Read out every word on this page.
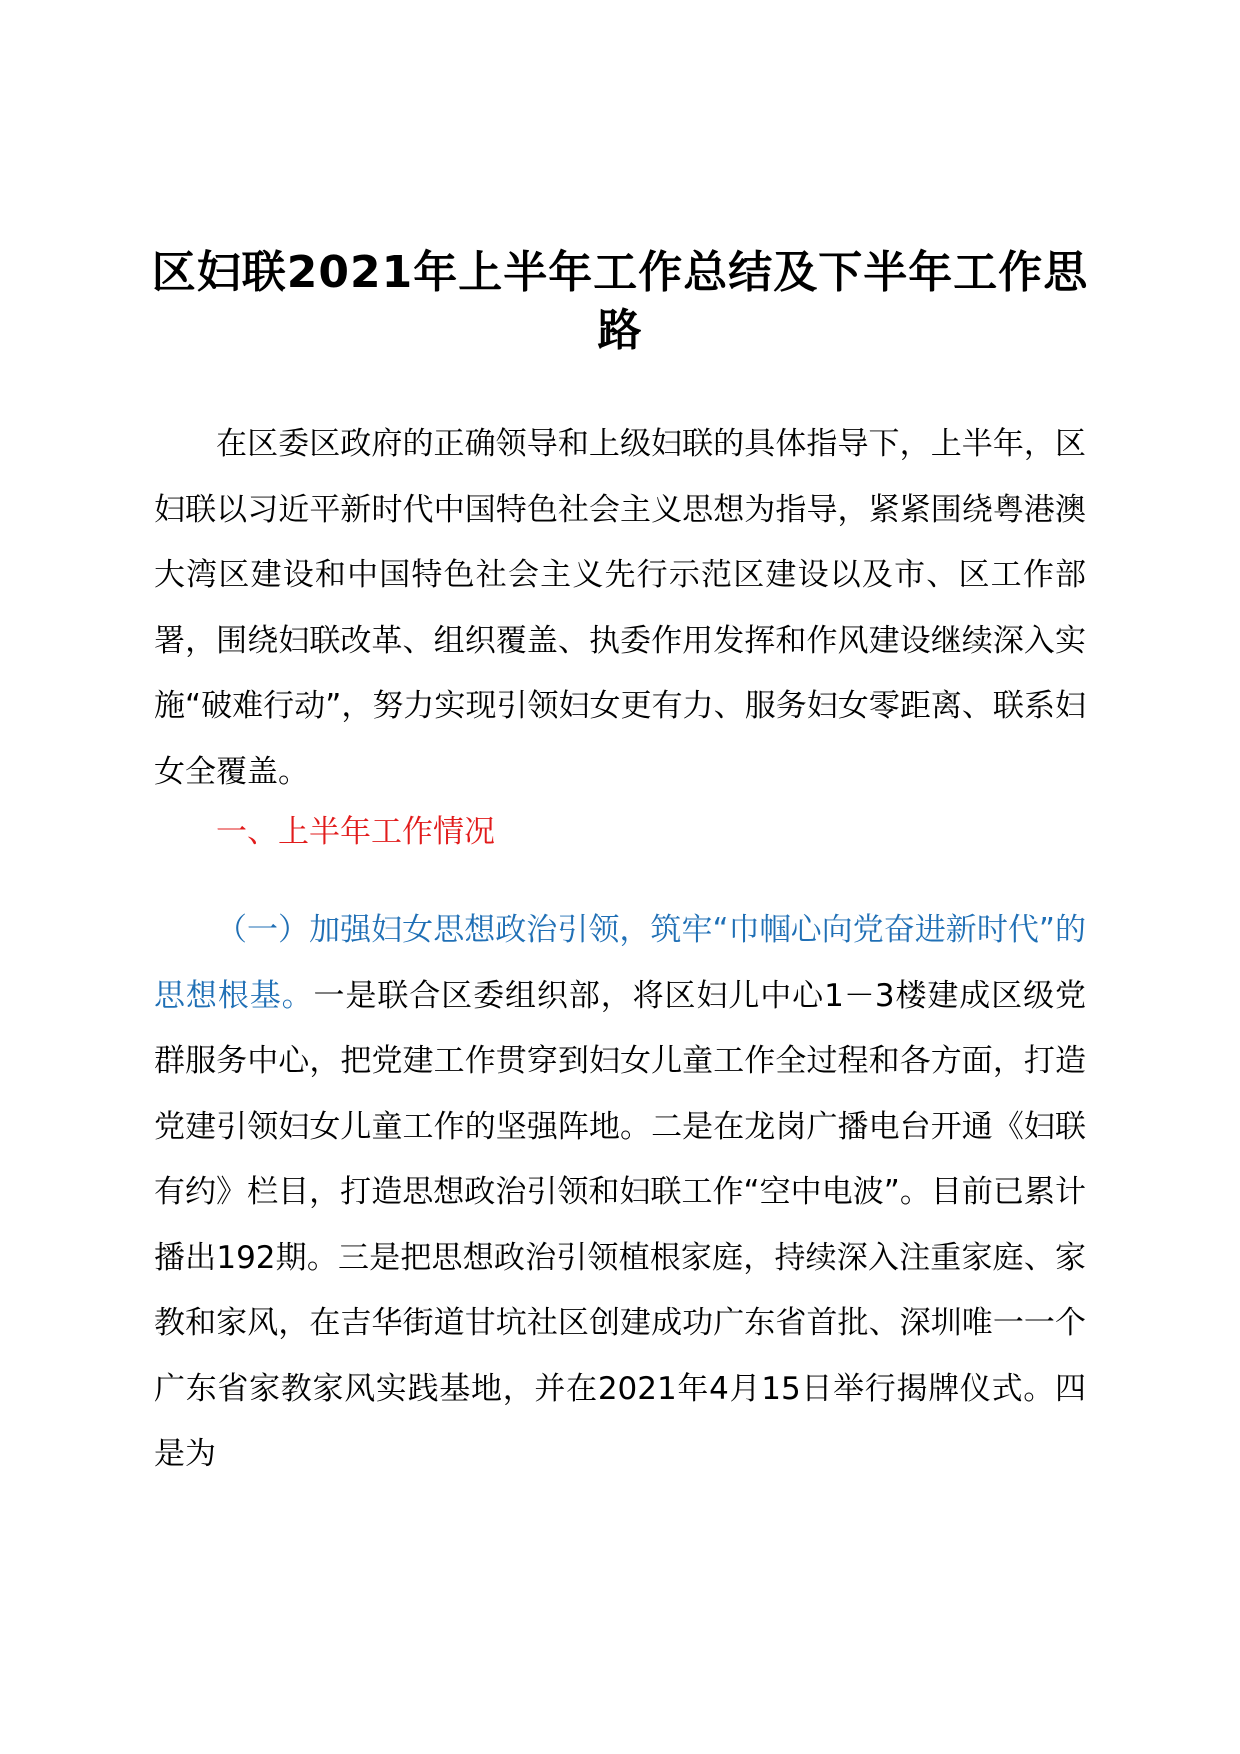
区妇联2021年上半年工作总结及下半年工作思路

在区委区政府的正确领导和上级妇联的具体指导下，上半年，区妇联以习近平新时代中国特色社会主义思想为指导，紧紧围绕粤港澳大湾区建设和中国特色社会主义先行示范区建设以及市、区工作部署，围绕妇联改革、组织覆盖、执委作用发挥和作风建设继续深入实施“破难行动”，努力实现引领妇女更有力、服务妇女零距离、联系妇女全覆盖。

一、上半年工作情况

（一）加强妇女思想政治引领，筑牢“巾帼心向党奋进新时代”的思想根基。一是联合区委组织部，将区妇儿中心1－3楼建成区级党群服务中心，把党建工作贯穿到妇女儿童工作全过程和各方面，打造党建引领妇女儿童工作的坚强阵地。二是在龙岗广播电台开通《妇联有约》栏目，打造思想政治引领和妇联工作“空中电波”。目前已累计播出192期。三是把思想政治引领植根家庭，持续深入注重家庭、家教和家风，在吉华街道甘坑社区创建成功广东省首批、深圳唯一一个广东省家教家风实践基地，并在2021年4月15日举行揭牌仪式。四是为
